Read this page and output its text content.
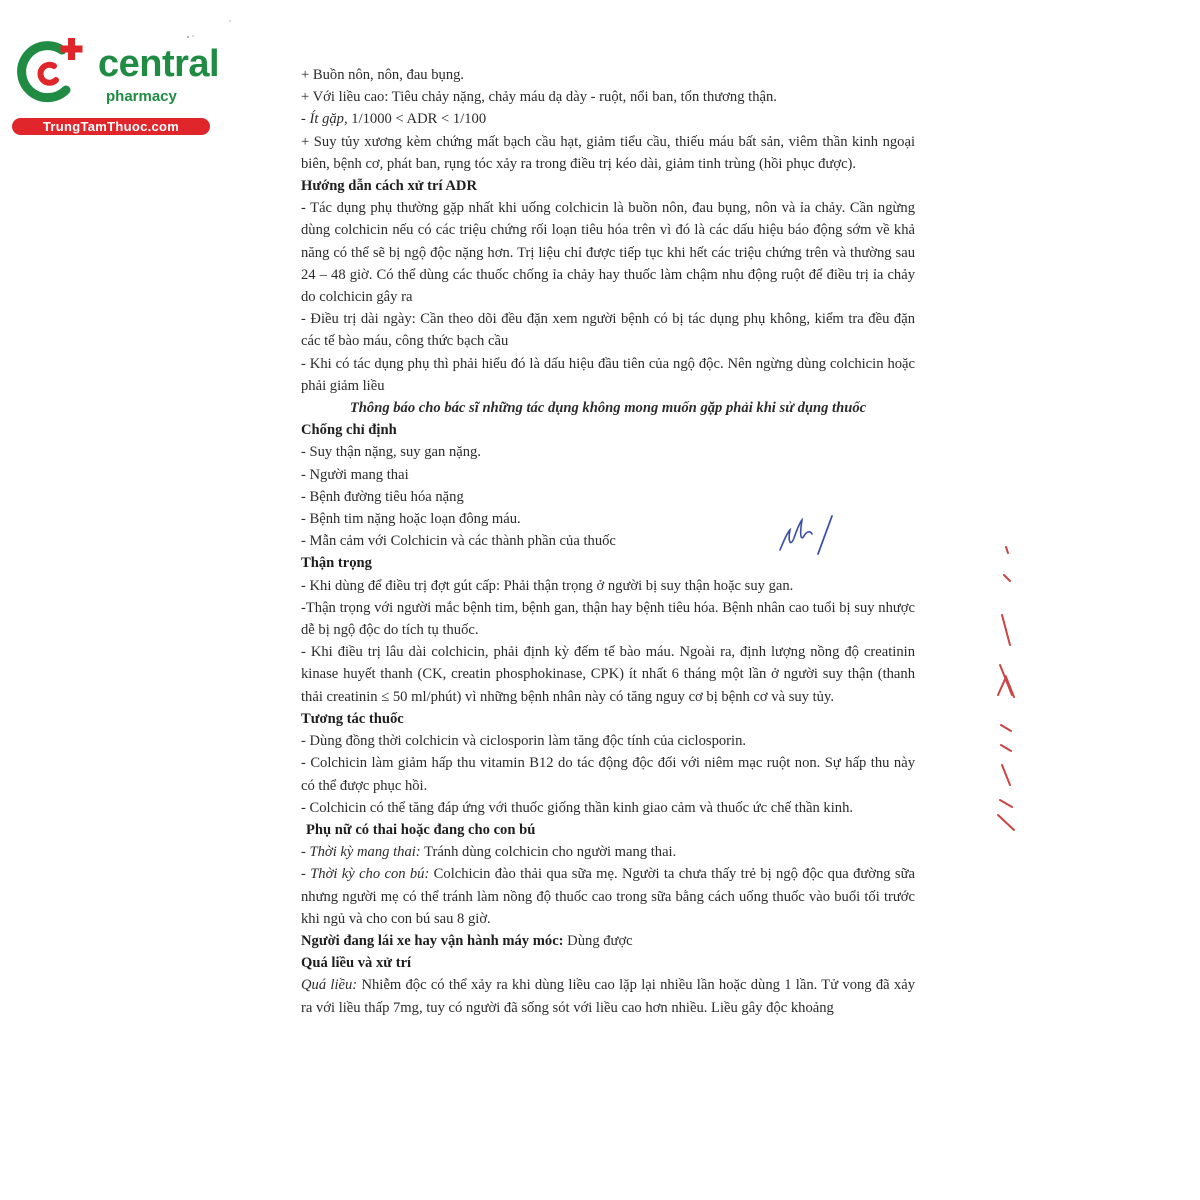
central
pharmacy
TrungTamThuoc.com

+ Buồn nôn, nôn, đau bụng.

+ Với liều cao: Tiêu chảy nặng, chảy máu dạ dày - ruột, nổi ban, tổn thương thận.

- Ít gặp, 1/1000 < ADR < 1/100

+ Suy tủy xương kèm chứng mất bạch cầu hạt, giảm tiểu cầu, thiếu máu bất sản, viêm thần kinh ngoại biên, bệnh cơ, phát ban, rụng tóc xảy ra trong điều trị kéo dài, giảm tinh trùng (hồi phục được).

Hướng dẫn cách xử trí ADR

- Tác dụng phụ thường gặp nhất khi uống colchicin là buồn nôn, đau bụng, nôn và ỉa chảy. Cần ngừng dùng colchicin nếu có các triệu chứng rối loạn tiêu hóa trên vì đó là các dấu hiệu báo động sớm về khả năng có thể sẽ bị ngộ độc nặng hơn. Trị liệu chỉ được tiếp tục khi hết các triệu chứng trên và thường sau 24 – 48 giờ. Có thể dùng các thuốc chống ỉa chảy hay thuốc làm chậm nhu động ruột để điều trị ỉa chảy do colchicin gây ra

- Điều trị dài ngày: Cần theo dõi đều đặn xem người bệnh có bị tác dụng phụ không, kiểm tra đều đặn các tế bào máu, công thức bạch cầu

- Khi có tác dụng phụ thì phải hiểu đó là dấu hiệu đầu tiên của ngộ độc. Nên ngừng dùng colchicin hoặc phải giảm liều

Thông báo cho bác sĩ những tác dụng không mong muốn gặp phải khi sử dụng thuốc

Chống chỉ định

- Suy thận nặng, suy gan nặng.

- Người mang thai

- Bệnh đường tiêu hóa nặng

- Bệnh tim nặng hoặc loạn đông máu.

- Mẫn cảm với Colchicin và các thành phần của thuốc

Thận trọng

- Khi dùng để điều trị đợt gút cấp: Phải thận trọng ở người bị suy thận hoặc suy gan.

-Thận trọng với người mắc bệnh tim, bệnh gan, thận hay bệnh tiêu hóa. Bệnh nhân cao tuổi bị suy nhược dễ bị ngộ độc do tích tụ thuốc.

- Khi điều trị lâu dài colchicin, phải định kỳ đếm tế bào máu. Ngoài ra, định lượng nồng độ creatinin kinase huyết thanh (CK, creatin phosphokinase, CPK) ít nhất 6 tháng một lần ở người suy thận (thanh thải creatinin ≤ 50 ml/phút) vì những bệnh nhân này có tăng nguy cơ bị bệnh cơ và suy tủy.

Tương tác thuốc

- Dùng đồng thời colchicin và ciclosporin làm tăng độc tính của ciclosporin.

- Colchicin làm giảm hấp thu vitamin B12 do tác động độc đối với niêm mạc ruột non. Sự hấp thu này có thể được phục hồi.

- Colchicin có thể tăng đáp ứng với thuốc giống thần kinh giao cảm và thuốc ức chế thần kinh.

Phụ nữ có thai hoặc đang cho con bú

- Thời kỳ mang thai: Tránh dùng colchicin cho người mang thai.

- Thời kỳ cho con bú: Colchicin đào thải qua sữa mẹ. Người ta chưa thấy trẻ bị ngộ độc qua đường sữa nhưng người mẹ có thể tránh làm nồng độ thuốc cao trong sữa bằng cách uống thuốc vào buổi tối trước khi ngủ và cho con bú sau 8 giờ.

Người đang lái xe hay vận hành máy móc: Dùng được

Quá liều và xử trí

Quá liều: Nhiễm độc có thể xảy ra khi dùng liều cao lặp lại nhiều lần hoặc dùng 1 lần. Tử vong đã xảy ra với liều thấp 7mg, tuy có người đã sống sót với liều cao hơn nhiều. Liều gây độc khoảng
